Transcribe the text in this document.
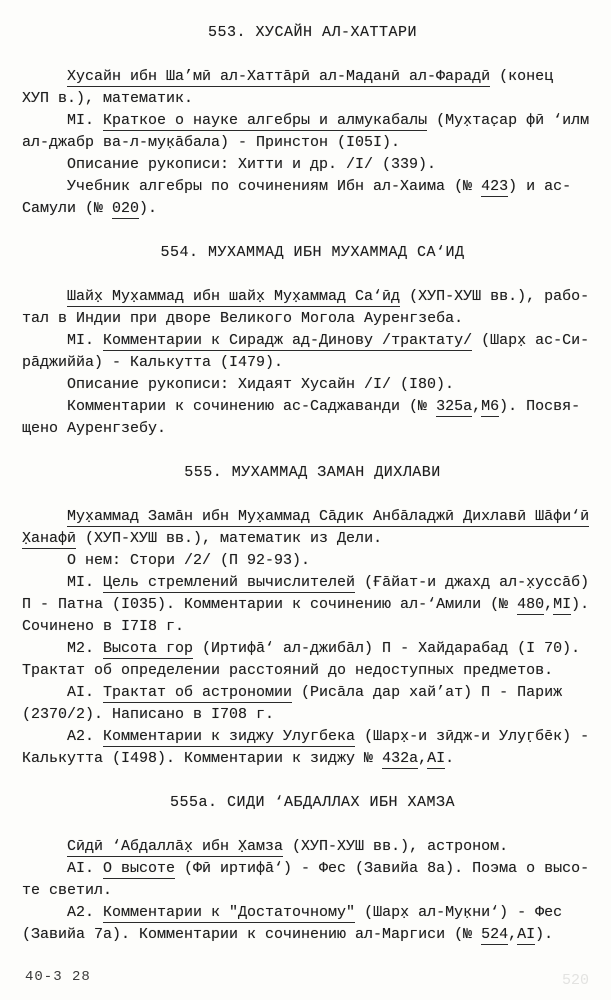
553. ХУСАЙН АЛ-ХАТТАРИ
Хусайн ибн Ша’мӣ ал-Хаттāрӣ ал-Маданӣ ал-Фарадӣ (конец
ХУП в.), математик.
МI. Краткое о науке алгебры и алмукабалы (Мух̣тас̣ар фӣ ‘илм
ал-джабр ва-л-мук̣āбала) - Принстон (I05I).
Описание рукописи: Хитти и др. /I/ (339).
Учебник алгебры по сочинениям Ибн ал-Хаима (№ 423) и ас-
Самули (№ 020).
554. МУХАММАД ИБН МУХАММАД СА‘ИД
Шайх̣ Мух̣аммад ибн шайх̣ Мух̣аммад Са‘ӣд (ХУП-ХУШ вв.), рабо-
тал в Индии при дворе Великого Могола Ауренгзеба.
МI. Комментарии к Сирадж ад-Динову /трактату/ (Шарх̣ ас-Си-
рāджиййа) - Калькутта (I479).
Описание рукописи: Хидаят Хусайн /I/ (I80).
Комментарии к сочинению ас-Саджаванди (№ 325а,М6). Посвя-
щено Ауренгзебу.
555. МУХАММАД ЗАМАН ДИХЛАВИ
Мух̣аммад Замāн ибн Мух̣аммад Сāдик Анбāладжӣ Дихлавӣ Шāфи‘ӣ
Х̣анафӣ (ХУП-ХУШ вв.), математик из Дели.
О нем: Стори /2/ (П 92-93).
МI. Цель стремлений вычислителей (Ғāйат-и джахд ал-х̣уссāб)
П - Патна (I035). Комментарии к сочинению ал-‘Амили (№ 480,МI).
Сочинено в I7I8 г.
М2. Высота гор (Иртифā‘ ал-джибāл) П - Хайдарабад (I 70).
Трактат об определении расстояний до недоступных предметов.
АI. Трактат об астрономии (Рисāла дар хай’ат) П - Париж
(2370/2). Написано в I708 г.
А2. Комментарии к зиджу Улугбека (Шарх̣-и зӣдж-и Улуг̣бēк) -
Калькутта (I498). Комментарии к зиджу № 432а,АI.
555а. СИДИ ‘АБДАЛЛАХ ИБН ХАМЗА
Сӣдӣ ‘Абдаллāх̣ ибн Х̣амза (ХУП-ХУШ вв.), астроном.
АI. О высоте (Фӣ иртифā‘) - Фес (Завийа 8а). Поэма о высо-
те светил.
А2. Комментарии к "Достаточному" (Шарх̣ ал-Мук̣ни‘) - Фес
(Завийа 7а). Комментарии к сочинению ал-Маргиси (№ 524,АI).
40-3 28	520
